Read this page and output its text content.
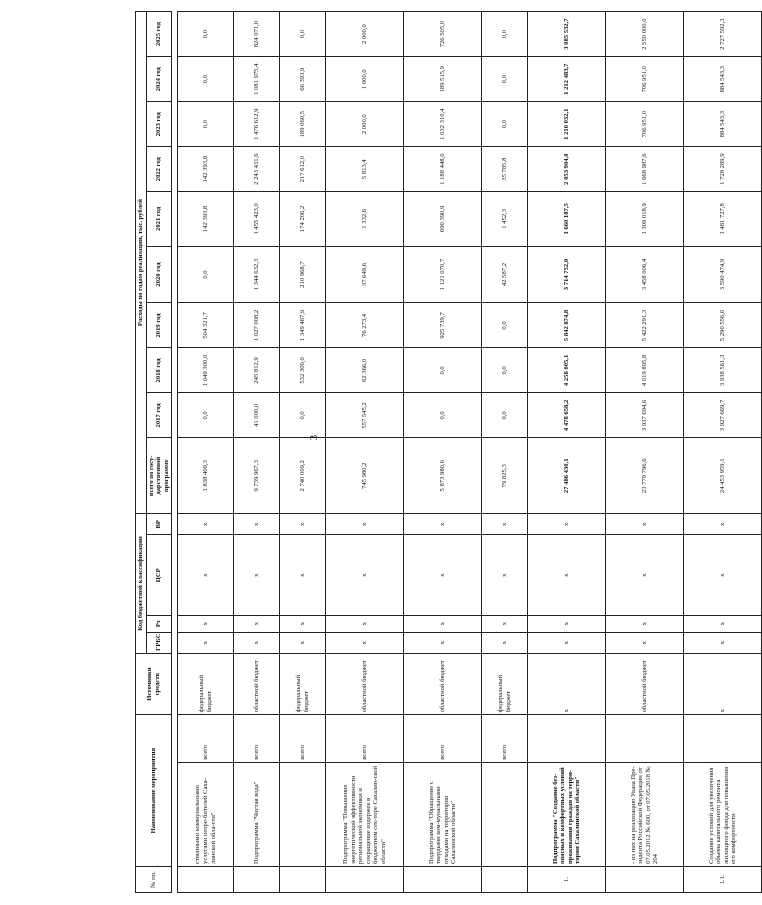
3
№ пп.	Наименование мероприятия		Источники средств	Код бюджетной классификации				Расходы по годам реализации, тыс. рублей									
				ГРБС	Рз	ЦСР	ВР	всего по госу-дарственной программе	2017 год	2018 год	2019 год	2020 год	2021 год	2022 год	2023 год	2024 год	2025 год

	ственными коммунальными услугами потре-бителей Саха-линской обла-сти"	всего	федеральный бюджет	x	x	x	x	1 838 409,3	0,0	1 049 300,0	504 321,7	0,0	142 393,8	142 393,8	0,0	0,0	0,0
	Подпрограмма "Чистая вода"	всего	областной бюджет	x	x	x	x	9 739 967,3	41 000,0	245 812,9	1 027 008,2	1 344 632,3	1 455 423,0	2 243 431,6	1 476 612,9	1 081 975,4	824 071,0
		всего	федеральный бюджет	x	x	x	x	2 740 009,2	0,0	532 300,0	1 349 467,9	210 968,7	174 206,2	217 612,0	189 060,5	66 393,9	0,0
	Подпрограмма "Повышение энергетической эффективности региональной экономики и сокращение издержек в бюджетном сек-торе Сахалин-ской области"	всего	областной бюджет	x	x	x	x	745 980,2	557 545,2	62 366,0	76 273,4	37 649,6	1 332,6	5 813,4	2 000,0	1 000,0	2 000,0
	Подпрограмма "Обращение с твердыми ком-мунальными отходами на территории Сахалинской области"	всего	областной бюджет	x	x	x	x	5 873 980,6	0,0	0,0	925 739,7	1 121 070,7	690 390,9	1 188 448,0	1 032 310,4	189 515,9	726 505,0
		всего	федеральный бюджет	x	x	x	x	79 825,3	0,0	0,0	0,0	42 587,2	1 452,3	35 785,8	0,0	0,0	0,0
1.	Подпрограмма "Создание без-опасных и комфортных условий проживания граждан на терри-тории Сахалинской области"		x	x	x	x	x	27 486 430,1	4 478 658,2	4 258 005,1	5 842 874,8	3 714 752,0	1 660 187,5	2 053 904,0	1 210 032,1	1 212 483,7	3 085 532,7
	- из них на реализацию Указа Пре-зидента Российской Федерации от 07.05.2012 № 600, от 07.05.2018 № 204		областной бюджет	x	x	x	x	23 779 796,6	3 937 694,6	4 019 895,8	5 422 291,3	3 458 006,4	1 309 018,9	1 668 987,6	706 951,0	706 951,0	2 550 000,0
1.1.	Создание условий для увеличения объема капитального ремонта жилищного фонда для повышения его комфортности		x	x	x	x	x	24 453 959,1	3 927 669,7	3 938 561,3	5 290 556,6	3 590 474,9	1 481 727,8	1 728 289,9	884 543,3	884 543,3	2 727 592,3
